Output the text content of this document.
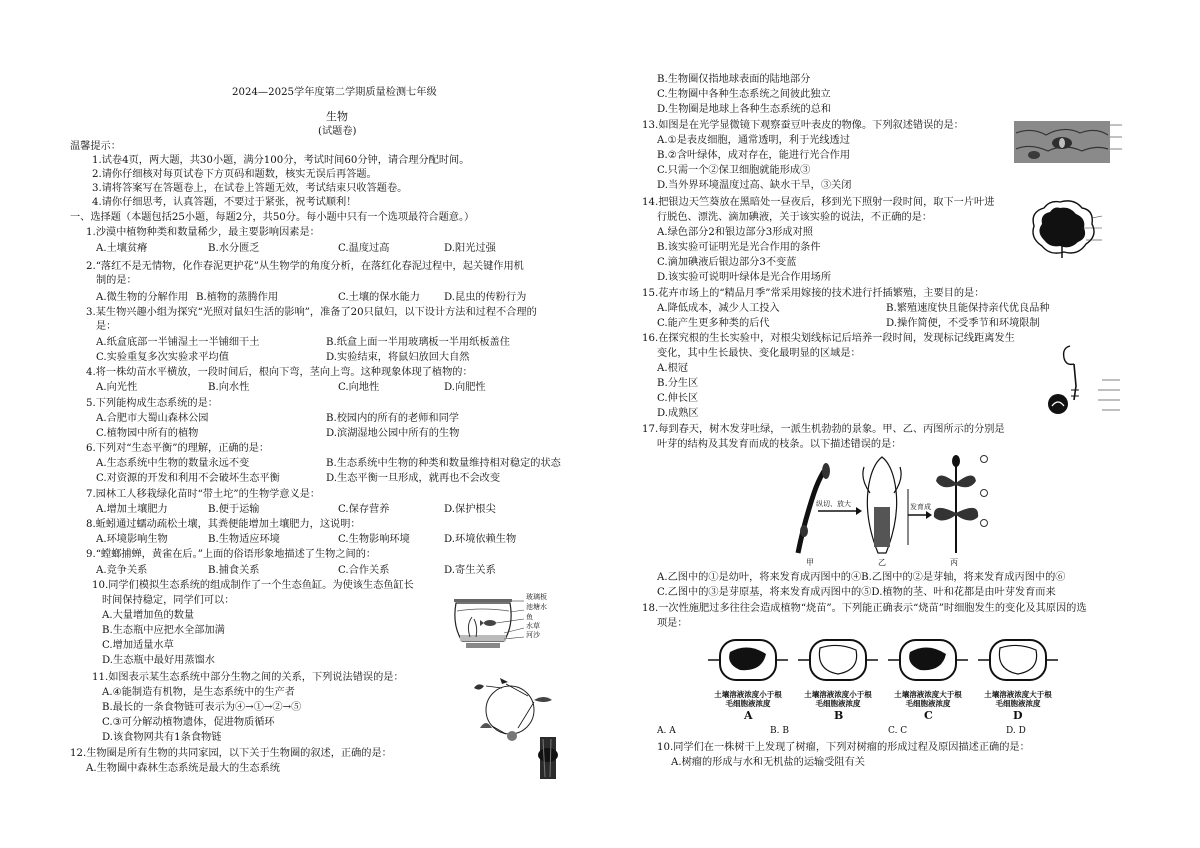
2024—2025学年度第二学期质量检测七年级
生物
(试题卷)
温馨提示：
1.试卷4页，两大题，共30小题，满分100分，考试时间60分钟，请合理分配时间。
2.请你仔细核对每页试卷下方页码和题数，核实无误后再答题。
3.请将答案写在答题卷上，在试卷上答题无效，考试结束只收答题卷。
4.请你仔细思考，认真答题，不要过于紧张，祝考试顺利！
一、选择题（本题包括25小题，每题2分，共50分。每小题中只有一个选项最符合题意。）
1.沙漠中植物种类和数量稀少，最主要影响因素是：
A.土壤贫瘠	B.水分匮乏	C.温度过高	D.阳光过强
2.“落红不是无情物，化作春泥更护花”从生物学的角度分析，在落红化春泥过程中，起关键作用机
制的是：
A.微生物的分解作用 B.植物的蒸腾作用	C.土壤的保水能力 D.昆虫的传粉行为
3.某生物兴趣小组为探究“光照对鼠妇生活的影响”，准备了20只鼠妇，以下设计方法和过程不合理的
是：
A.纸盒底部一半铺湿土一半铺细干土	B.纸盒上面一半用玻璃板一半用纸板盖住
C.实验重复多次实验求平均值	D.实验结束，将鼠妇放回大自然
4.将一株幼苗水平横放，一段时间后，根向下弯，茎向上弯。这种现象体现了植物的：
A.向光性	B.向水性	C.向地性	D.向肥性
5.下列能构成生态系统的是：
A.合肥市大蜀山森林公园	B.校园内的所有的老师和同学
C.植物园中所有的植物	D.滨湖湿地公园中所有的生物
6.下列对“生态平衡”的理解，正确的是：
A.生态系统中生物的数量永远不变	B.生态系统中生物的种类和数量维持相对稳定的状态
C.对资源的开发和利用不会破坏生态平衡	D.生态平衡一旦形成，就再也不会改变
7.园林工人移栽绿化苗时“带土坨”的生物学意义是：
A.增加土壤肥力	B.便于运输	C.保存营养	D.保护根尖
8.蚯蚓通过蠕动疏松土壤，其粪便能增加土壤肥力，这说明：
A.环境影响生物	B.生物适应环境	C.生物影响环境	D.环境依赖生物
9.“螳螂捕蝉，黄雀在后。”上面的俗语形象地描述了生物之间的：
A.竞争关系	B.捕食关系	C.合作关系	D.寄生关系
10.同学们模拟生态系统的组成制作了一个生态鱼缸。为使该生态鱼缸长
时间保持稳定，同学们可以：
A.大量增加鱼的数量
B.生态瓶中应把水全部加满
C.增加适量水草
D.生态瓶中最好用蒸馏水
玻璃板
池塘水
鱼
水草
河沙
11.如图表示某生态系统中部分生物之间的关系，下列说法错误的是：
A.④能制造有机物，是生态系统中的生产者
B.最长的一条食物链可表示为④→①→②→⑤
C.③可分解动植物遗体，促进物质循环
D.该食物网共有1条食物链
12.生物圈是所有生物的共同家园，以下关于生物圈的叙述，正确的是：
A.生物圈中森林生态系统是最大的生态系统
B.生物圈仅指地球表面的陆地部分
C.生物圈中各种生态系统之间彼此独立
D.生物圈是地球上各种生态系统的总和
13.如图是在光学显微镜下观察蚕豆叶表皮的物像。下列叙述错误的是：
A.①是表皮细胞，通常透明，利于光线透过
B.②含叶绿体，成对存在，能进行光合作用
C.只需一个②保卫细胞就能形成③
D.当外界环境温度过高、缺水干旱，③关闭
14.把银边天竺葵放在黑暗处一昼夜后，移到光下照射一段时间，取下一片叶进
行脱色、漂洗、滴加碘液，关于该实验的说法，不正确的是：
A.绿色部分2和银边部分3形成对照
B.该实验可证明光是光合作用的条件
C.滴加碘液后银边部分3不变蓝
D.该实验可说明叶绿体是光合作用场所
15.花卉市场上的“精品月季”常采用嫁接的技术进行扦插繁殖，主要目的是：
A.降低成本，减少人工投入	B.繁殖速度快且能保持亲代优良品种
C.能产生更多种类的后代	D.操作简便，不受季节和环境限制
16.在探究根的生长实验中，对根尖划线标记后培养一段时间，发现标记线距离发生
变化，其中生长最快、变化最明显的区域是：
A.根冠
B.分生区
C.伸长区
D.成熟区
17.每到春天，树木发芽吐绿，一派生机勃勃的景象。甲、乙、丙图所示的分别是
叶芽的结构及其发育而成的枝条。以下描述错误的是：
纵切、放大	发育成
甲	乙	丙
A.乙图中的①是幼叶，将来发育成丙图中的④B.乙图中的②是芽轴，将来发育成丙图中的⑥
C.乙图中的③是芽原基，将来发育成丙图中的⑤D.植物的茎、叶和花都是由叶芽发育而来
18.一次性施肥过多往往会造成植物“烧苗”。下列能正确表示“烧苗”时细胞发生的变化及其原因的选
项是：
土壤溶液浓度小于根毛细胞液浓度
土壤溶液浓度小于根毛细胞液浓度
土壤溶液浓度大于根毛细胞液浓度
土壤溶液浓度大于根毛细胞液浓度
A	B	C	D
A. A	B. B	C. C	D. D
10.同学们在一株树干上发现了树瘤，下列对树瘤的形成过程及原因描述正确的是：
A.树瘤的形成与水和无机盐的运输受阻有关
